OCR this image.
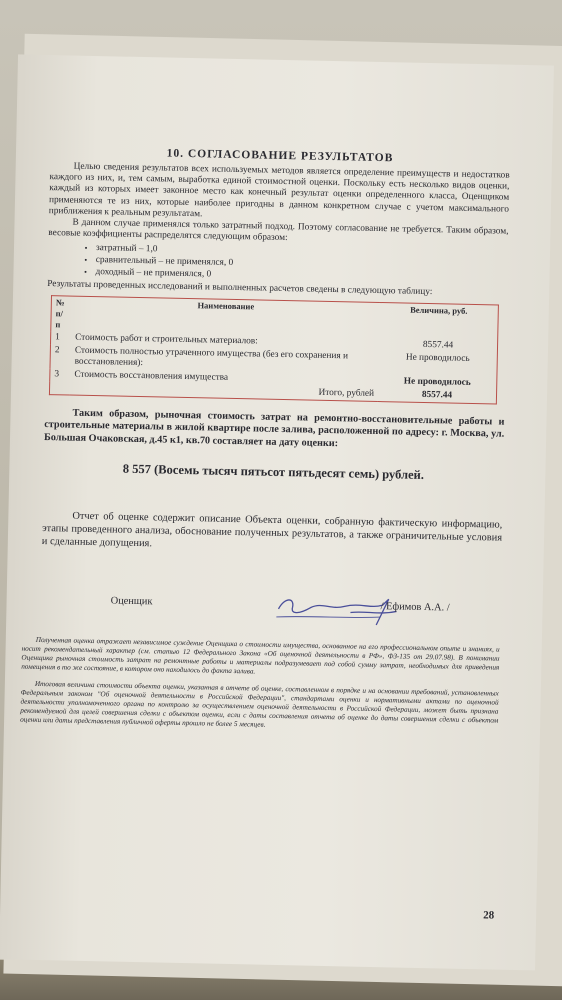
10. СОГЛАСОВАНИЕ РЕЗУЛЬТАТОВ

Целью сведения результатов всех используемых методов является определение преимуществ и недостатков каждого из них, и, тем самым, выработка единой стоимостной оценки. Поскольку есть несколько видов оценки, каждый из которых имеет законное место как конечный результат оценки определенного класса, Оценщиком применяются те из них, которые наиболее пригодны в данном конкретном случае с учетом максимального приближения к реальным результатам.

В данном случае применялся только затратный подход. Поэтому согласование не требуется. Таким образом, весовые коэффициенты распределятся следующим образом:

• затратный – 1,0
• сравнительный – не применялся, 0
• доходный – не применялся, 0

Результаты проведенных исследований и выполненных расчетов сведены в следующую таблицу:

№ п/п	Наименование	Величина, руб.
1	Стоимость работ и строительных материалов:	8557.44
2	Стоимость полностью утраченного имущества (без его сохранения и восстановления):	Не проводилось
3	Стоимость восстановления имущества	Не проводилось
	Итого, рублей	8557.44

Таким образом, рыночная стоимость затрат на ремонтно-восстановительные работы и строительные материалы в жилой квартире после залива, расположенной по адресу: г. Москва, ул. Большая Очаковская, д.45 к1, кв.70 составляет на дату оценки:

8 557 (Восемь тысяч пятьсот пятьдесят семь) рублей.

Отчет об оценке содержит описание Объекта оценки, собранную фактическую информацию, этапы проведенного анализа, обоснование полученных результатов, а также ограничительные условия и сделанные допущения.

Оценщик	/ Ефимов А.А. /

Полученная оценка отражает независимое суждение Оценщика о стоимости имущества, основанное на его профессиональном опыте и знаниях, и носит рекомендательный характер (см. статью 12 Федерального Закона «Об оценочной деятельности в РФ», ФЗ-135 от 29.07.98). В понимании Оценщика рыночная стоимость затрат на ремонтные работы и материалы подразумевает под собой сумму затрат, необходимых для приведения помещения в то же состояние, в котором оно находилось до факта залива.

Итоговая величина стоимости объекта оценки, указанная в отчете об оценке, составленном в порядке и на основании требований, установленных Федеральным законом "Об оценочной деятельности в Российской Федерации", стандартами оценки и нормативными актами по оценочной деятельности уполномоченного органа по контролю за осуществлением оценочной деятельности в Российской Федерации, может быть признана рекомендуемой для целей совершения сделки с объектом оценки, если с даты составления отчета об оценке до даты совершения сделки с объектом оценки или даты представления публичной оферты прошло не более 5 месяцев.

28
